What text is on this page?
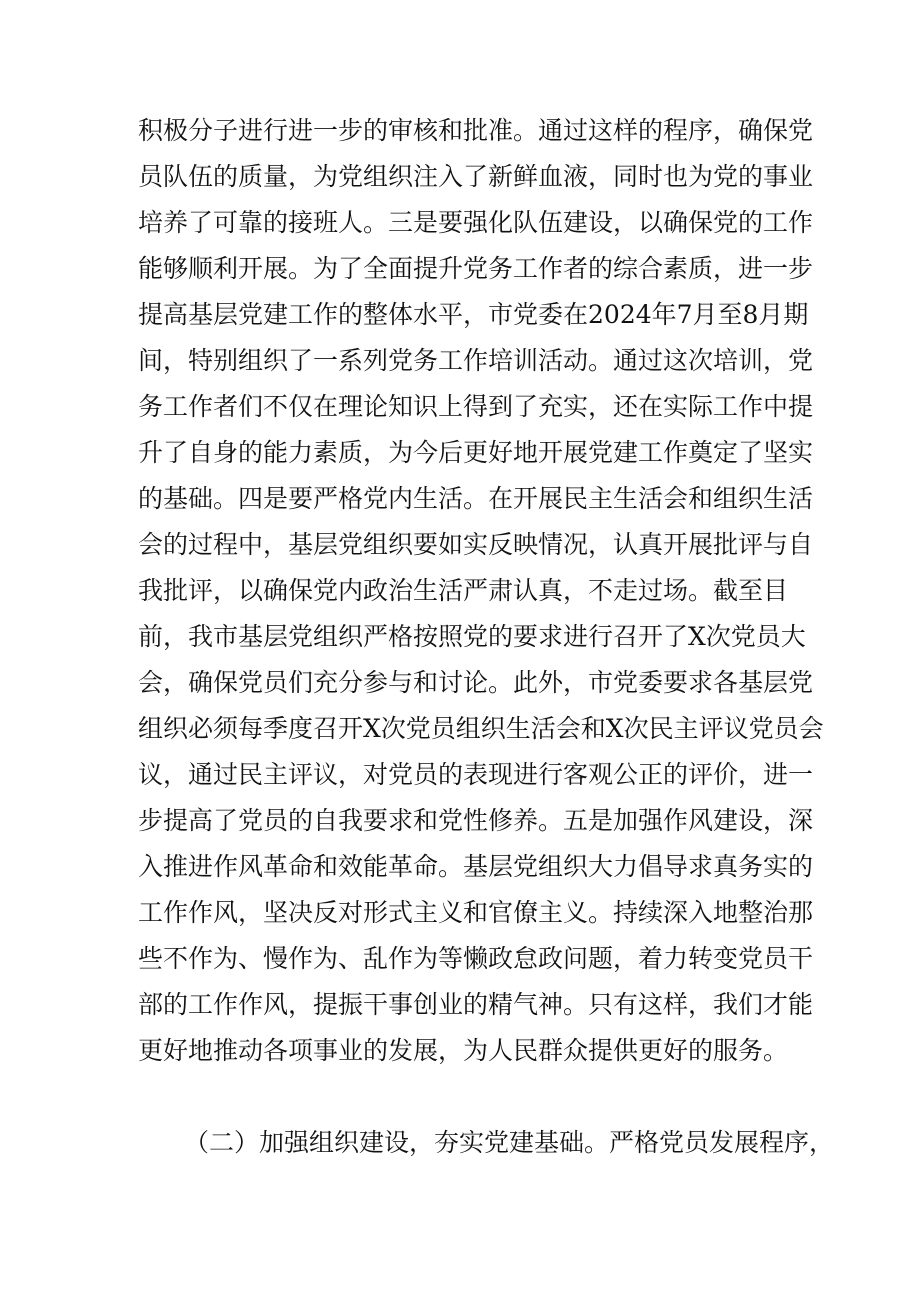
积极分子进行进一步的审核和批准。通过这样的程序，确保党
员队伍的质量，为党组织注入了新鲜血液，同时也为党的事业
培养了可靠的接班人。三是要强化队伍建设，以确保党的工作
能够顺利开展。为了全面提升党务工作者的综合素质，进一步
提高基层党建工作的整体水平，市党委在2024年7月至8月期
间，特别组织了一系列党务工作培训活动。通过这次培训，党
务工作者们不仅在理论知识上得到了充实，还在实际工作中提
升了自身的能力素质，为今后更好地开展党建工作奠定了坚实
的基础。四是要严格党内生活。在开展民主生活会和组织生活
会的过程中，基层党组织要如实反映情况，认真开展批评与自
我批评，以确保党内政治生活严肃认真，不走过场。截至目
前，我市基层党组织严格按照党的要求进行召开了X次党员大
会，确保党员们充分参与和讨论。此外，市党委要求各基层党
组织必须每季度召开X次党员组织生活会和X次民主评议党员会
议，通过民主评议，对党员的表现进行客观公正的评价，进一
步提高了党员的自我要求和党性修养。五是加强作风建设，深
入推进作风革命和效能革命。基层党组织大力倡导求真务实的
工作作风，坚决反对形式主义和官僚主义。持续深入地整治那
些不作为、慢作为、乱作为等懒政怠政问题，着力转变党员干
部的工作作风，提振干事创业的精气神。只有这样，我们才能
更好地推动各项事业的发展，为人民群众提供更好的服务。
（二）加强组织建设，夯实党建基础。严格党员发展程序，
